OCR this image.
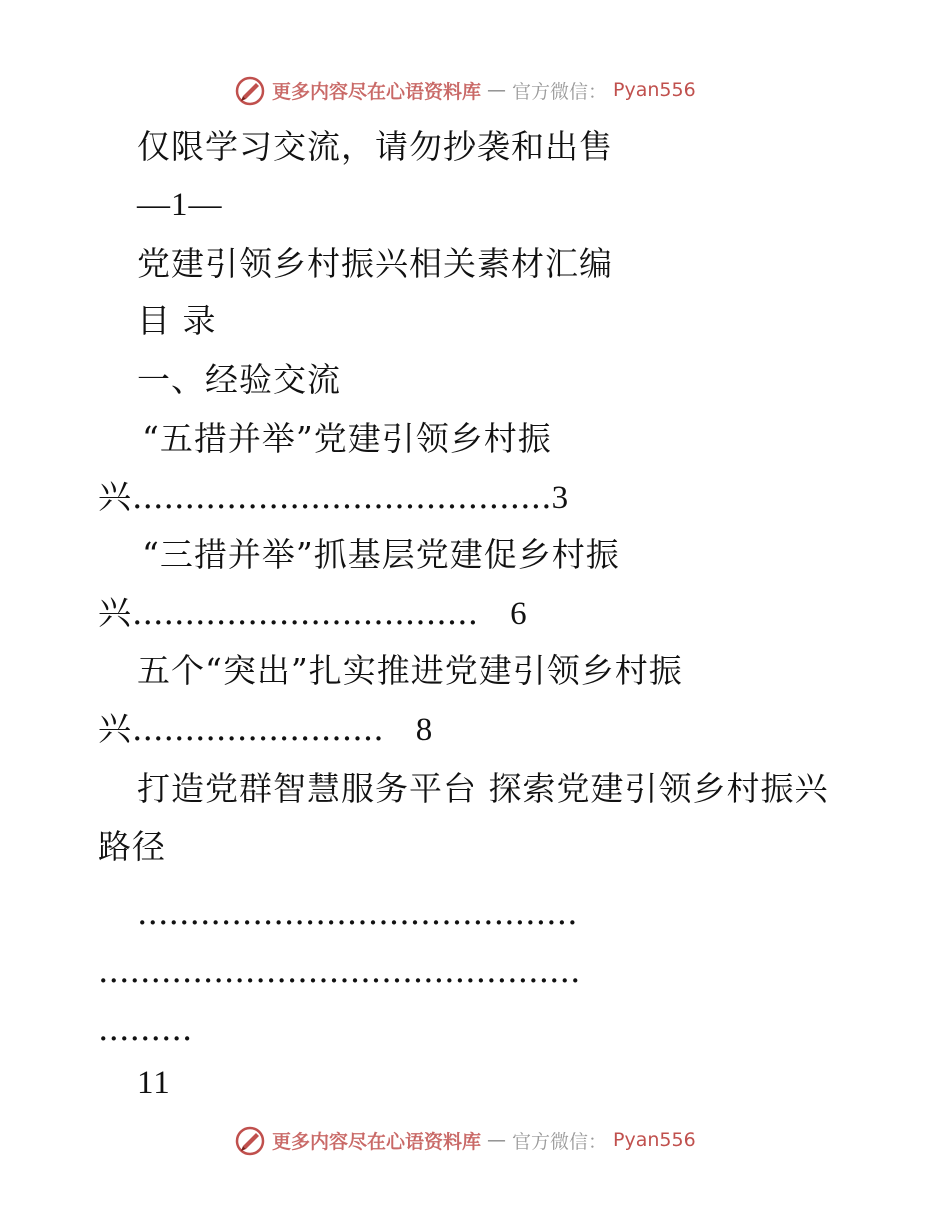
更多内容尽在心语资料库 — 官方微信： Pyan556
仅限学习交流，请勿抄袭和出售
—1—
党建引领乡村振兴相关素材汇编
目 录
一、经验交流
“五措并举”党建引领乡村振
兴........................................3
“三措并举”抓基层党建促乡村振
兴................................. 6
五个“突出”扎实推进党建引领乡村振
兴........................ 8
打造党群智慧服务平台 探索党建引领乡村振兴
路径
..........................................
..............................................
.........
11
更多内容尽在心语资料库 — 官方微信： Pyan556
